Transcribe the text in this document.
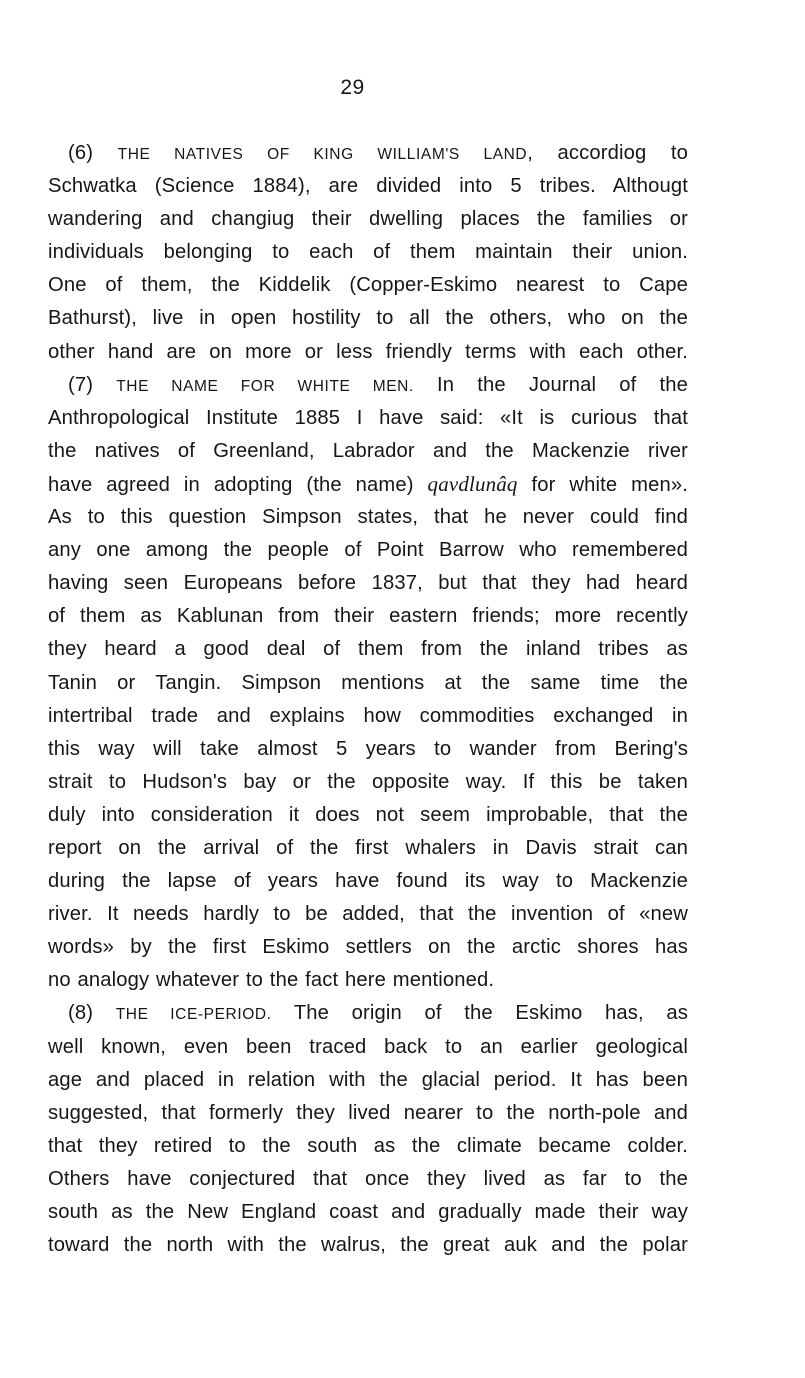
29
(6) THE NATIVES OF KING WILLIAM'S LAND, accordiog to
Schwatka (Science 1884), are divided into 5 tribes. Althougt
wandering and changiug their dwelling places the families or
individuals belonging to each of them maintain their union.
One of them, the Kiddelik (Copper-Eskimo nearest to Cape
Bathurst), live in open hostility to all the others, who on the
other hand are on more or less friendly terms with each other.
(7) THE NAME FOR WHITE MEN. In the Journal of the
Anthropological Institute 1885 I have said: «It is curious that
the natives of Greenland, Labrador and the Mackenzie river
have agreed in adopting (the name) qavdlunâq for white men».
As to this question Simpson states, that he never could find
any one among the people of Point Barrow who remembered
having seen Europeans before 1837, but that they had heard
of them as Kablunan from their eastern friends; more recently
they heard a good deal of them from the inland tribes as
Tanin or Tangin. Simpson mentions at the same time the
intertribal trade and explains how commodities exchanged in
this way will take almost 5 years to wander from Bering's
strait to Hudson's bay or the opposite way. If this be taken
duly into consideration it does not seem improbable, that the
report on the arrival of the first whalers in Davis strait can
during the lapse of years have found its way to Mackenzie
river. It needs hardly to be added, that the invention of «new
words» by the first Eskimo settlers on the arctic shores has
no analogy whatever to the fact here mentioned.
(8) THE ICE-PERIOD. The origin of the Eskimo has, as
well known, even been traced back to an earlier geological
age and placed in relation with the glacial period. It has been
suggested, that formerly they lived nearer to the north-pole and
that they retired to the south as the climate became colder.
Others have conjectured that once they lived as far to the
south as the New England coast and gradually made their way
toward the north with the walrus, the great auk and the polar
